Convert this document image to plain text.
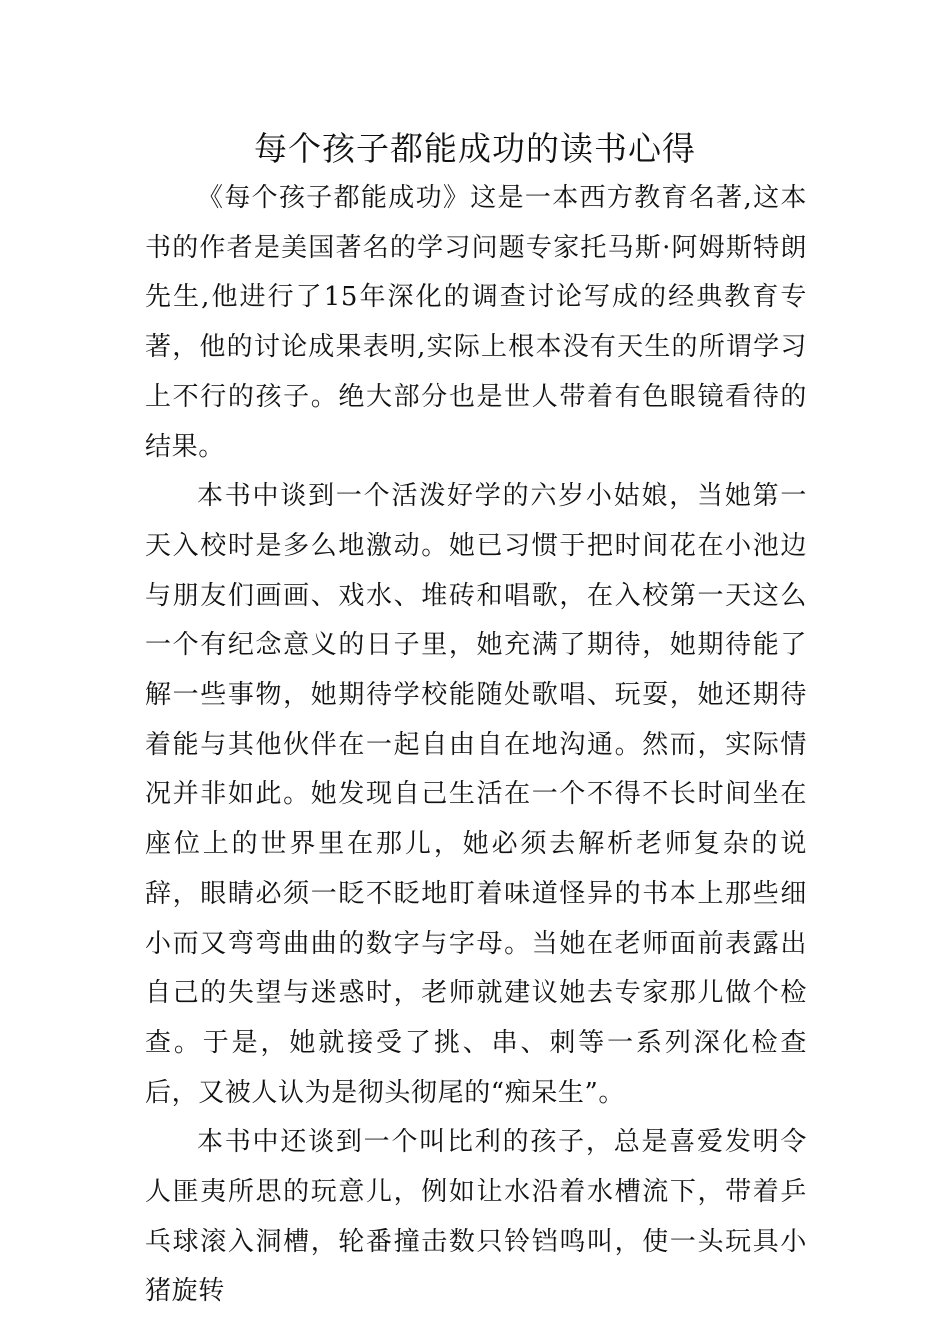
每个孩子都能成功的读书心得

《每个孩子都能成功》这是一本西方教育名著,这本书的作者是美国著名的学习问题专家托马斯·阿姆斯特朗先生,他进行了15年深化的调查讨论写成的经典教育专著，他的讨论成果表明,实际上根本没有天生的所谓学习上不行的孩子。绝大部分也是世人带着有色眼镜看待的结果。

本书中谈到一个活泼好学的六岁小姑娘，当她第一天入校时是多么地激动。她已习惯于把时间花在小池边与朋友们画画、戏水、堆砖和唱歌，在入校第一天这么一个有纪念意义的日子里，她充满了期待，她期待能了解一些事物，她期待学校能随处歌唱、玩耍，她还期待着能与其他伙伴在一起自由自在地沟通。然而，实际情况并非如此。她发现自己生活在一个不得不长时间坐在座位上的世界里在那儿，她必须去解析老师复杂的说辞，眼睛必须一眨不眨地盯着味道怪异的书本上那些细小而又弯弯曲曲的数字与字母。当她在老师面前表露出自己的失望与迷惑时，老师就建议她去专家那儿做个检查。于是，她就接受了挑、串、刺等一系列深化检查后，又被人认为是彻头彻尾的“痴呆生”。

本书中还谈到一个叫比利的孩子，总是喜爱发明令人匪夷所思的玩意儿，例如让水沿着水槽流下，带着乒乓球滚入洞槽，轮番撞击数只铃铛鸣叫，使一头玩具小猪旋转
